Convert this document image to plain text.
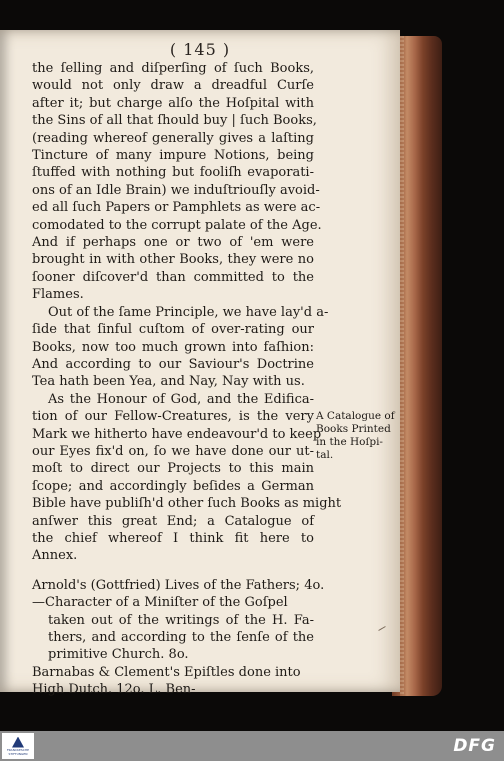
( 145 )
the ſelling and diſperſing of ſuch Books,
would not only draw a dreadful Curſe
after it; but charge alſo the Hoſpital with
the Sins of all that ſhould buy | ſuch Books,
(reading whereof generally gives a laſting
Tincture of many impure Notions, being
ſtuffed with nothing but fooliſh evaporati-
ons of an Idle Brain) we induſtriouſly avoid-
ed all ſuch Papers or Pamphlets as were ac-
comodated to the corrupt palate of the Age.
And if perhaps one or two of 'em were
brought in with other Books, they were no
ſooner diſcover'd than committed to the
Flames.
Out of the ſame Principle, we have lay'd a-
ſide that ſinful cuſtom of over-rating our
Books, now too much grown into faſhion:
And according to our Saviour's Doctrine
Tea hath been Yea, and Nay, Nay with us.
As the Honour of God, and the Edifica-
tion of our Fellow-Creatures, is the very
Mark we hitherto have endeavour'd to keep
our Eyes fix'd on, ſo we have done our ut-
moſt to direct our Projects to this main
ſcope; and accordingly beſides a German
Bible have publiſh'd other ſuch Books as might
anſwer this great End; a Catalogue of
the chief whereof I think fit here to
Annex.
Arnold's (Gottfried) Lives of the Fathers; 4o.
—Character of a Miniſter of the Goſpel
taken out of the writings of the H. Fa-
thers, and according to the ſenſe of the
primitive Church. 8o.
Barnabas & Clement's Epiſtles done into
High Dutch. 12o. L. Ben-
A Catalogue of
Books Printed
in the Hoſpi-
tal.
FRANCKESCHE
STIFTUNGEN	DFG
